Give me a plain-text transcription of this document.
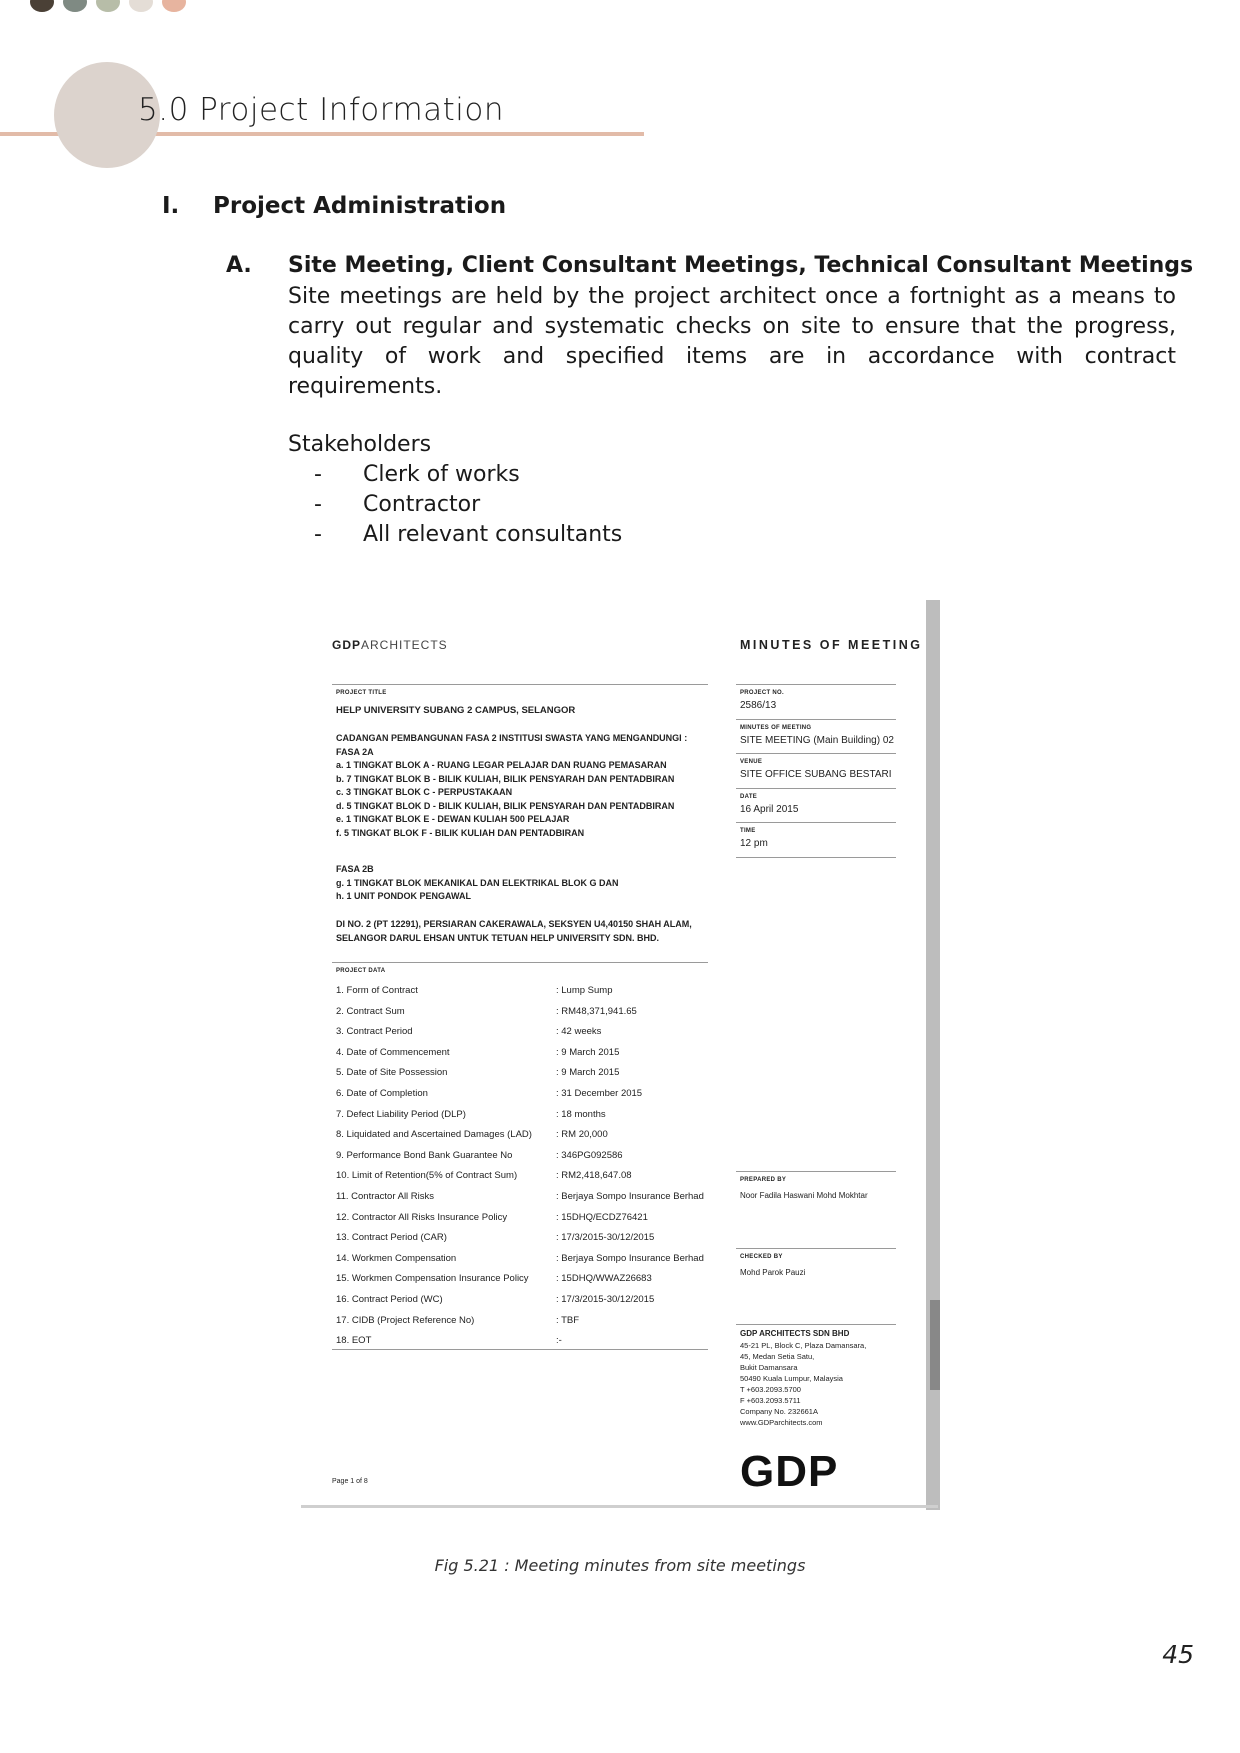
5.0 Project Information
I. Project Administration
A. Site Meeting, Client Consultant Meetings, Technical Consultant Meetings
Site meetings are held by the project architect once a fortnight as a means to carry out regular and systematic checks on site to ensure that the progress, quality of work and specified items are in accordance with contract requirements.
Stakeholders
- Clerk of works
- Contractor
- All relevant consultants
GDPARCHITECTS	MINUTES OF MEETING
PROJECT TITLE
HELP UNIVERSITY SUBANG 2 CAMPUS, SELANGOR
CADANGAN PEMBANGUNAN FASA 2 INSTITUSI SWASTA YANG MENGANDUNGI :
FASA 2A
a. 1 TINGKAT BLOK A - RUANG LEGAR PELAJAR DAN RUANG PEMASARAN
b. 7 TINGKAT BLOK B - BILIK KULIAH, BILIK PENSYARAH DAN PENTADBIRAN
c. 3 TINGKAT BLOK C - PERPUSTAKAAN
d. 5 TINGKAT BLOK D - BILIK KULIAH, BILIK PENSYARAH DAN PENTADBIRAN
e. 1 TINGKAT BLOK E - DEWAN KULIAH 500 PELAJAR
f. 5 TINGKAT BLOK F - BILIK KULIAH DAN PENTADBIRAN
FASA 2B
g. 1 TINGKAT BLOK MEKANIKAL DAN ELEKTRIKAL BLOK G DAN
h. 1 UNIT PONDOK PENGAWAL
DI NO. 2 (PT 12291), PERSIARAN CAKERAWALA, SEKSYEN U4,40150 SHAH ALAM,
SELANGOR DARUL EHSAN UNTUK TETUAN HELP UNIVERSITY SDN. BHD.
PROJECT DATA
1. Form of Contract	: Lump Sump
2. Contract Sum	: RM48,371,941.65
3. Contract Period	: 42 weeks
4. Date of Commencement	: 9 March 2015
5. Date of Site Possession	: 9 March 2015
6. Date of Completion	: 31 December 2015
7. Defect Liability Period (DLP)	: 18 months
8. Liquidated and Ascertained Damages (LAD)	: RM 20,000
9. Performance Bond Bank Guarantee No	: 346PG092586
10. Limit of Retention(5% of Contract Sum)	: RM2,418,647.08
11. Contractor All Risks	: Berjaya Sompo Insurance Berhad
12. Contractor All Risks Insurance Policy	: 15DHQ/ECDZ76421
13. Contract Period (CAR)	: 17/3/2015-30/12/2015
14. Workmen Compensation	: Berjaya Sompo Insurance Berhad
15. Workmen Compensation Insurance Policy	: 15DHQ/WWAZ26683
16. Contract Period (WC)	: 17/3/2015-30/12/2015
17. CIDB (Project Reference No)	: TBF
18. EOT	:-
PROJECT NO.
2586/13
MINUTES OF MEETING
SITE MEETING (Main Building) 02
VENUE
SITE OFFICE SUBANG BESTARI
DATE
16 April 2015
TIME
12 pm
PREPARED BY
Noor Fadila Haswani Mohd Mokhtar
CHECKED BY
Mohd Parok Pauzi
GDP ARCHITECTS SDN BHD
45-21 PL, Block C, Plaza Damansara,
45, Medan Setia Satu,
Bukit Damansara
50490 Kuala Lumpur, Malaysia
T +603.2093.5700
F +603.2093.5711
Company No. 232661A
www.GDParchitects.com
GDP
Page 1 of 8
Fig 5.21 : Meeting minutes from site meetings
45
